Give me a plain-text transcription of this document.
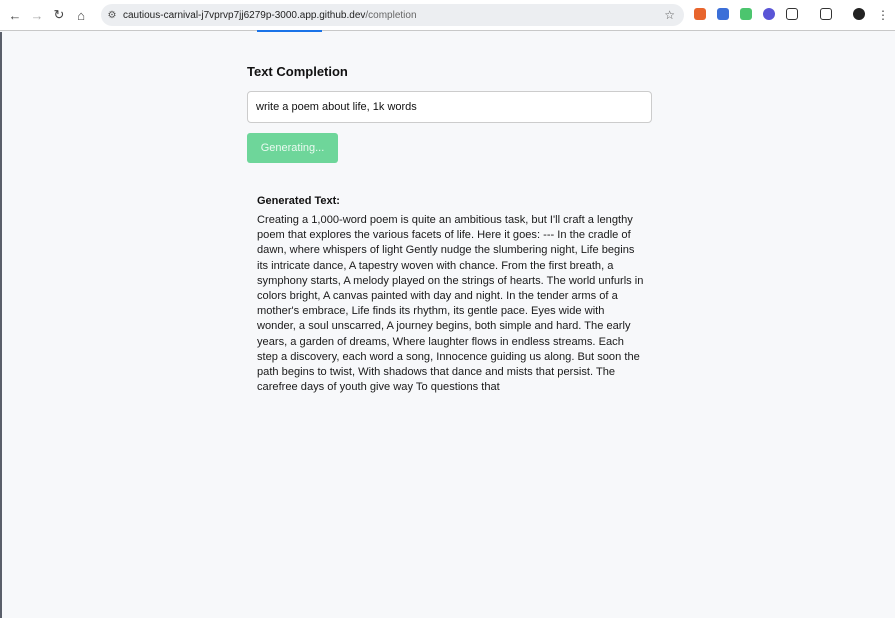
← → ↻ ⌂	⚙ cautious-carnival-j7vprvp7jj6279p-3000.app.github.dev /completion	☆	⋮
Text Completion
write a poem about life, 1k words
Generating...
Generated Text:

Creating a 1,000-word poem is quite an ambitious task, but I'll craft a lengthy poem that explores the various facets of life. Here it goes: --- In the cradle of dawn, where whispers of light Gently nudge the slumbering night, Life begins its intricate dance, A tapestry woven with chance. From the first breath, a symphony starts, A melody played on the strings of hearts. The world unfurls in colors bright, A canvas painted with day and night. In the tender arms of a mother's embrace, Life finds its rhythm, its gentle pace. Eyes wide with wonder, a soul unscarred, A journey begins, both simple and hard. The early years, a garden of dreams, Where laughter flows in endless streams. Each step a discovery, each word a song, Innocence guiding us along. But soon the path begins to twist, With shadows that dance and mists that persist. The carefree days of youth give way To questions that
